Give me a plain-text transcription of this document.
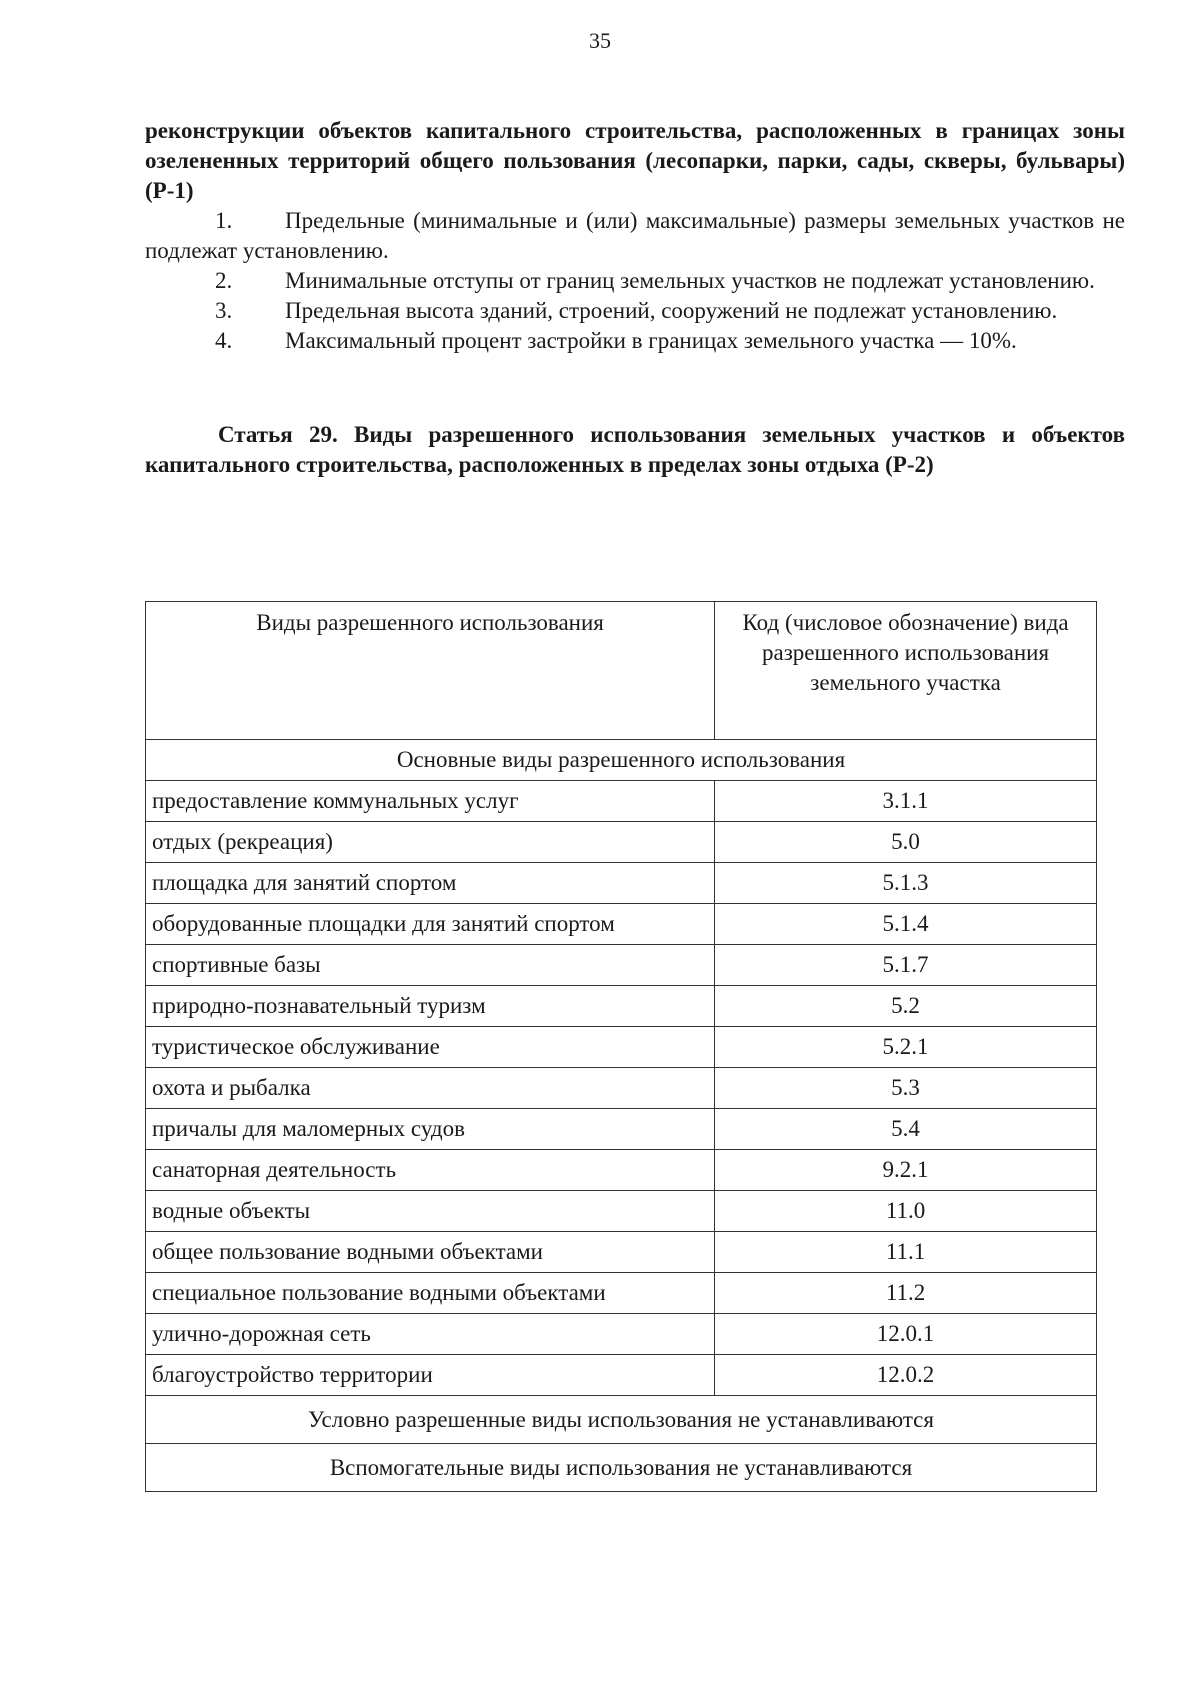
35

реконструкции объектов капитального строительства, расположенных в границах зоны озелененных территорий общего пользования (лесопарки, парки, сады, скверы, бульвары) (Р-1)

1. Предельные (минимальные и (или) максимальные) размеры земельных участков не подлежат установлению.

2. Минимальные отступы от границ земельных участков не подлежат установлению.

3. Предельная высота зданий, строений, сооружений не подлежат установлению.

4. Максимальный процент застройки в границах земельного участка — 10%.

Статья 29. Виды разрешенного использования земельных участков и объектов капитального строительства, расположенных в пределах зоны отдыха (Р-2)

Виды разрешенного использования	Код (числовое обозначение) вида разрешенного использования земельного участка
Основные виды разрешенного использования	
предоставление коммунальных услуг	3.1.1
отдых (рекреация)	5.0
площадка для занятий спортом	5.1.3
оборудованные площадки для занятий спортом	5.1.4
спортивные базы	5.1.7
природно-познавательный туризм	5.2
туристическое обслуживание	5.2.1
охота и рыбалка	5.3
причалы для маломерных судов	5.4
санаторная деятельность	9.2.1
водные объекты	11.0
общее пользование водными объектами	11.1
специальное пользование водными объектами	11.2
улично-дорожная сеть	12.0.1
благоустройство территории	12.0.2
Условно разрешенные виды использования не устанавливаются	
Вспомогательные виды использования не устанавливаются	
